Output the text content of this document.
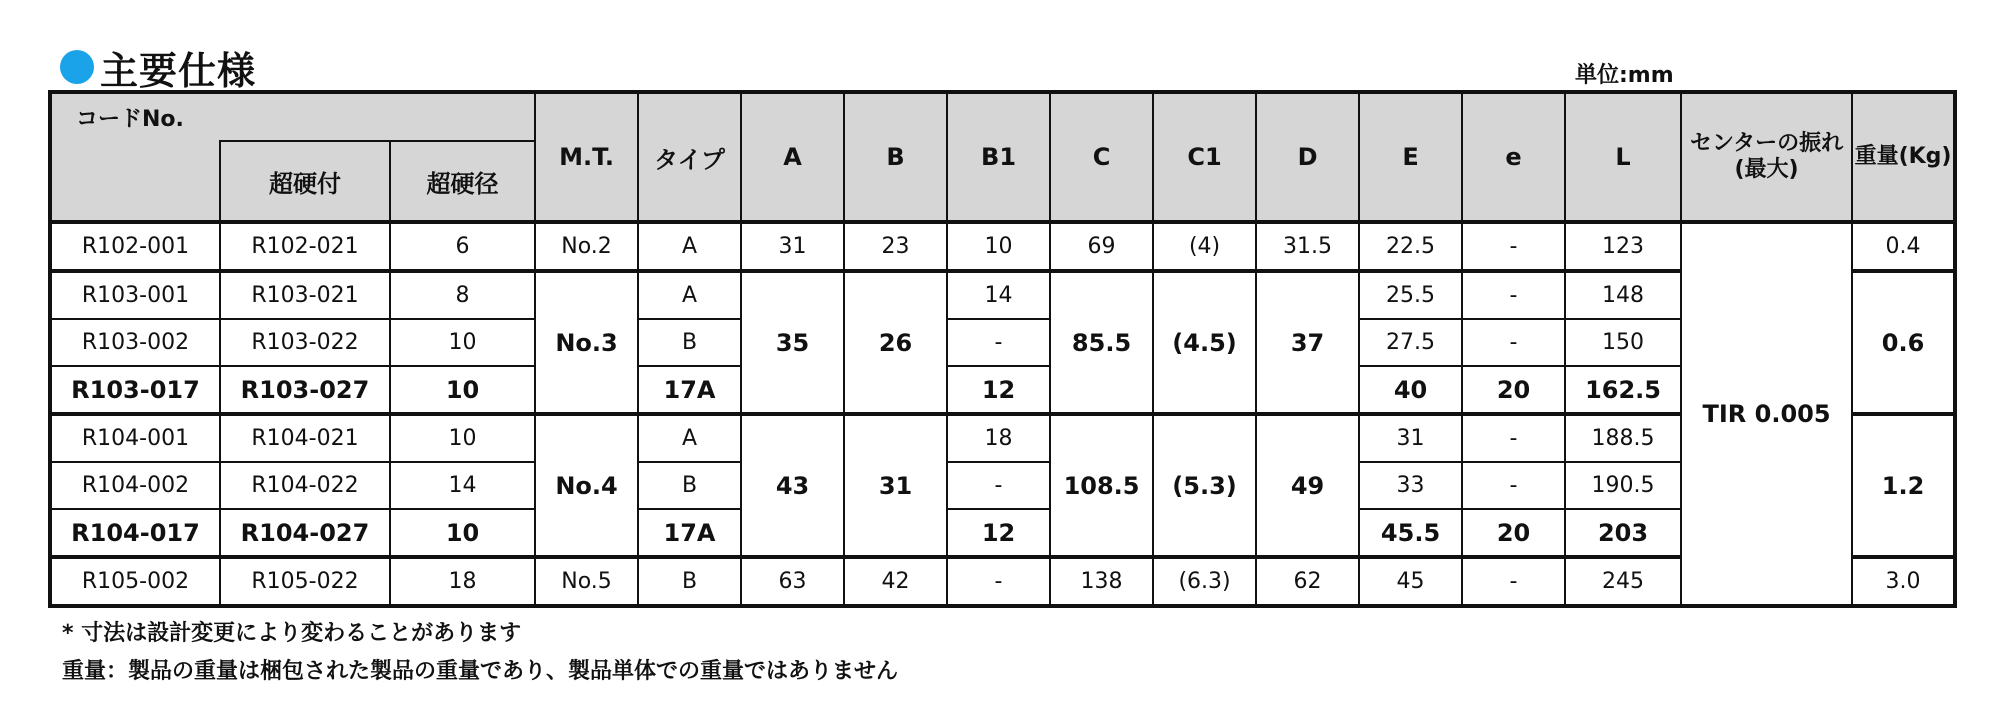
主要仕様	単位:mm
コードNo.			M.T.	タイプ	A	B	B1	C	C1	D	E	e	L	センターの振れ(最大)	重量(Kg)
	超硬付	超硬径													
R102-001	R102-021	6	No.2	A	31	23	10	69	(4)	31.5	22.5	-	123	TIR 0.005	0.4
R103-001	R103-021	8	No.3	A	35	26	14	85.5	(4.5)	37	25.5	-	148		0.6
R103-002	R103-022	10		B			-				27.5	-	150		
R103-017	R103-027	10		17A			12				40	20	162.5		
R104-001	R104-021	10	No.4	A	43	31	18	108.5	(5.3)	49	31	-	188.5		1.2
R104-002	R104-022	14		B			-				33	-	190.5		
R104-017	R104-027	10		17A			12				45.5	20	203		
R105-002	R105-022	18	No.5	B	63	42	-	138	(6.3)	62	45	-	245		3.0
* 寸法は設計変更により変わることがあります
重量：製品の重量は梱包された製品の重量であり、製品単体での重量ではありません
